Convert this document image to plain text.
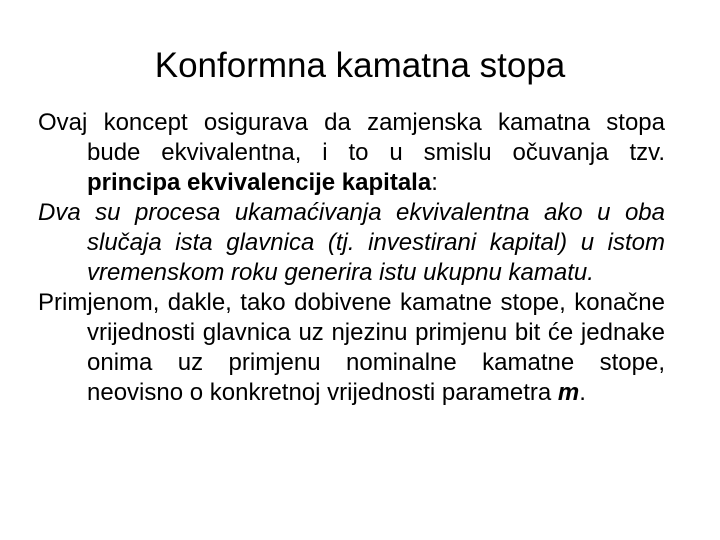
Konformna kamatna stopa

Ovaj koncept osigurava da zamjenska kamatna stopa bude ekvivalentna, i to u smislu očuvanja tzv. principa ekvivalencije kapitala:

Dva su procesa ukamaćivanja ekvivalentna ako u oba slučaja ista glavnica (tj. investirani kapital) u istom vremenskom roku generira istu ukupnu kamatu.

Primjenom, dakle, tako dobivene kamatne stope, konačne vrijednosti glavnica uz njezinu primjenu bit će jednake onima uz primjenu nominalne kamatne stope, neovisno o konkretnoj vrijednosti parametra m.
